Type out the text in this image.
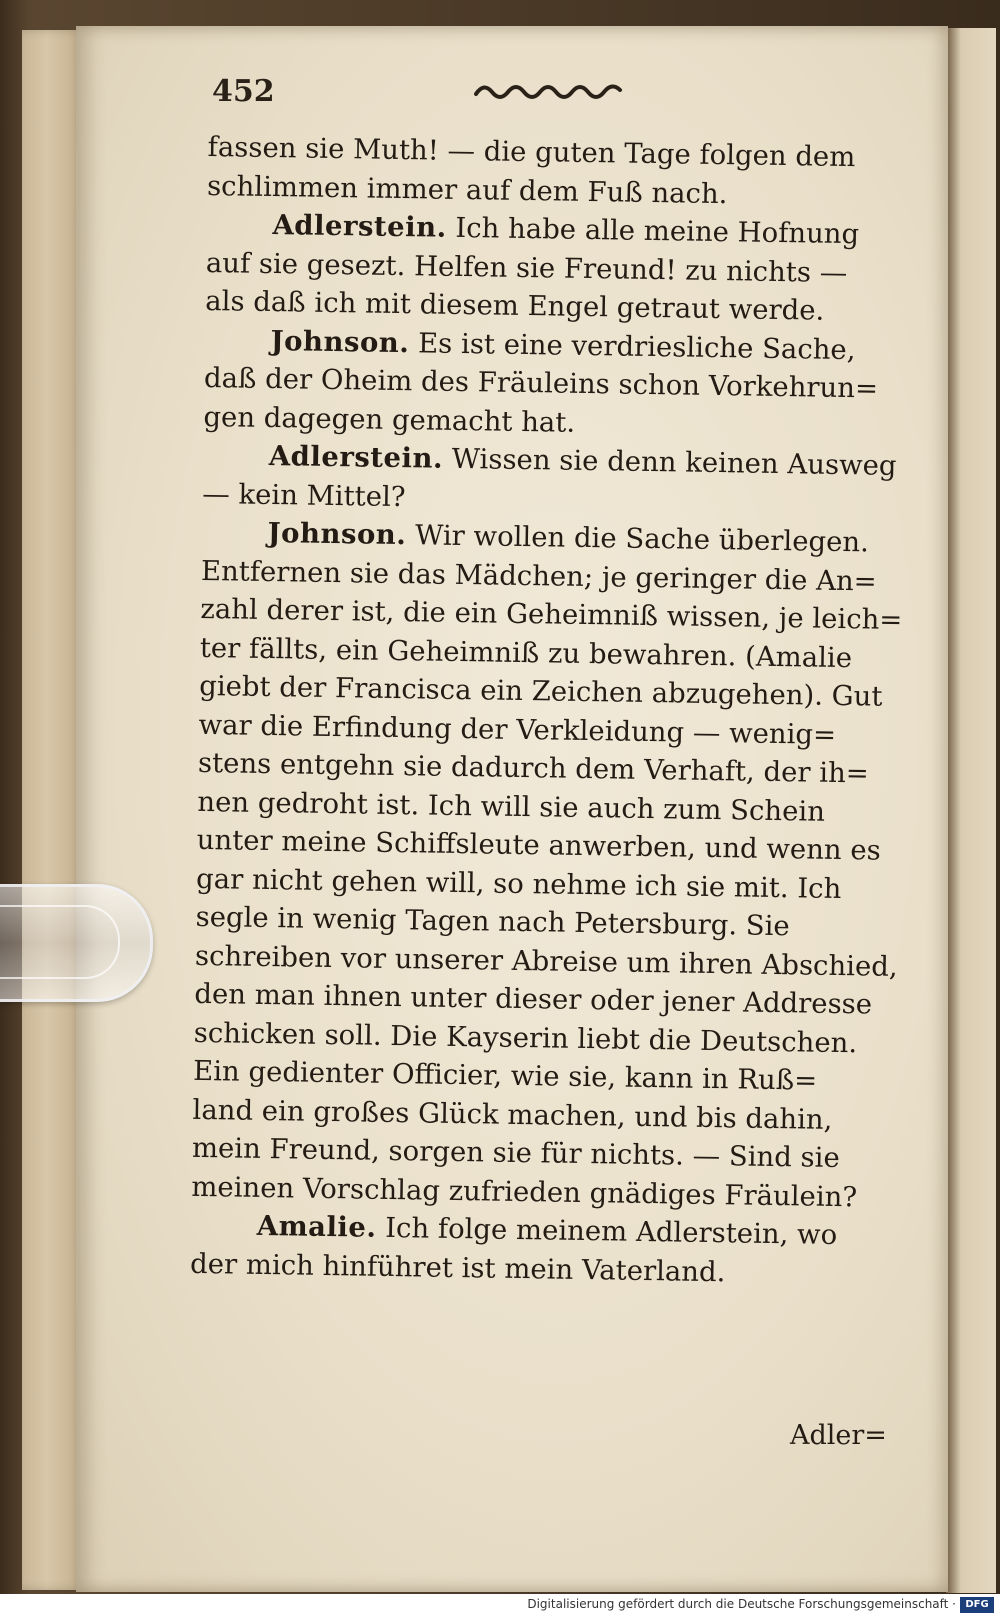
452
fassen sie Muth! — die guten Tage folgen dem
schlimmen immer auf dem Fuß nach.
Adlerstein. Ich habe alle meine Hofnung
auf sie gesezt. Helfen sie Freund! zu nichts —
als daß ich mit diesem Engel getraut werde.
Johnson. Es ist eine verdriesliche Sache,
daß der Oheim des Fräuleins schon Vorkehrun=
gen dagegen gemacht hat.
Adlerstein. Wissen sie denn keinen Ausweg
— kein Mittel?
Johnson. Wir wollen die Sache überlegen.
Entfernen sie das Mädchen; je geringer die An=
zahl derer ist, die ein Geheimniß wissen, je leich=
ter fällts, ein Geheimniß zu bewahren. (Amalie
giebt der Francisca ein Zeichen abzugehen). Gut
war die Erfindung der Verkleidung — wenig=
stens entgehn sie dadurch dem Verhaft, der ih=
nen gedroht ist. Ich will sie auch zum Schein
unter meine Schiffsleute anwerben, und wenn es
gar nicht gehen will, so nehme ich sie mit. Ich
segle in wenig Tagen nach Petersburg. Sie
schreiben vor unserer Abreise um ihren Abschied,
den man ihnen unter dieser oder jener Addresse
schicken soll. Die Kayserin liebt die Deutschen.
Ein gedienter Officier, wie sie, kann in Ruß=
land ein großes Glück machen, und bis dahin,
mein Freund, sorgen sie für nichts. — Sind sie
meinen Vorschlag zufrieden gnädiges Fräulein?
Amalie. Ich folge meinem Adlerstein, wo
der mich hinführet ist mein Vaterland.
Adler=
Digitalisierung gefördert durch die Deutsche Forschungsgemeinschaft · DFG
